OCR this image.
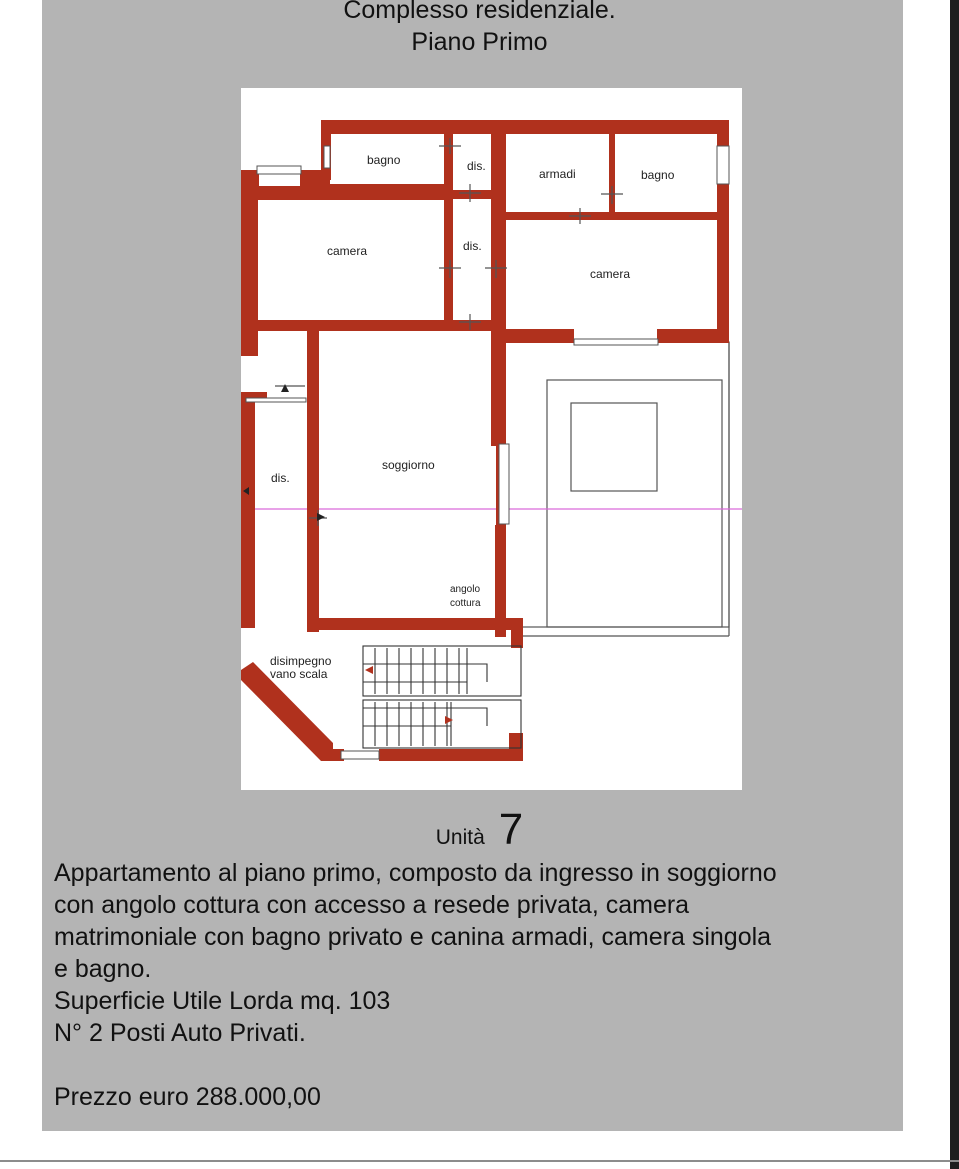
Complesso residenziale.
Piano Primo
bagno	dis.
armadi	bagno
camera	dis.
camera
soggiorno
dis.
angolo
cottura
disimpegno
vano scala
Unità 7

Appartamento al piano primo, composto da ingresso in soggiorno

con angolo cottura con accesso a resede privata, camera

matrimoniale con bagno privato e canina armadi, camera singola

e bagno.

Superficie Utile Lorda mq. 103

N° 2 Posti Auto Privati.

Prezzo euro 288.000,00
